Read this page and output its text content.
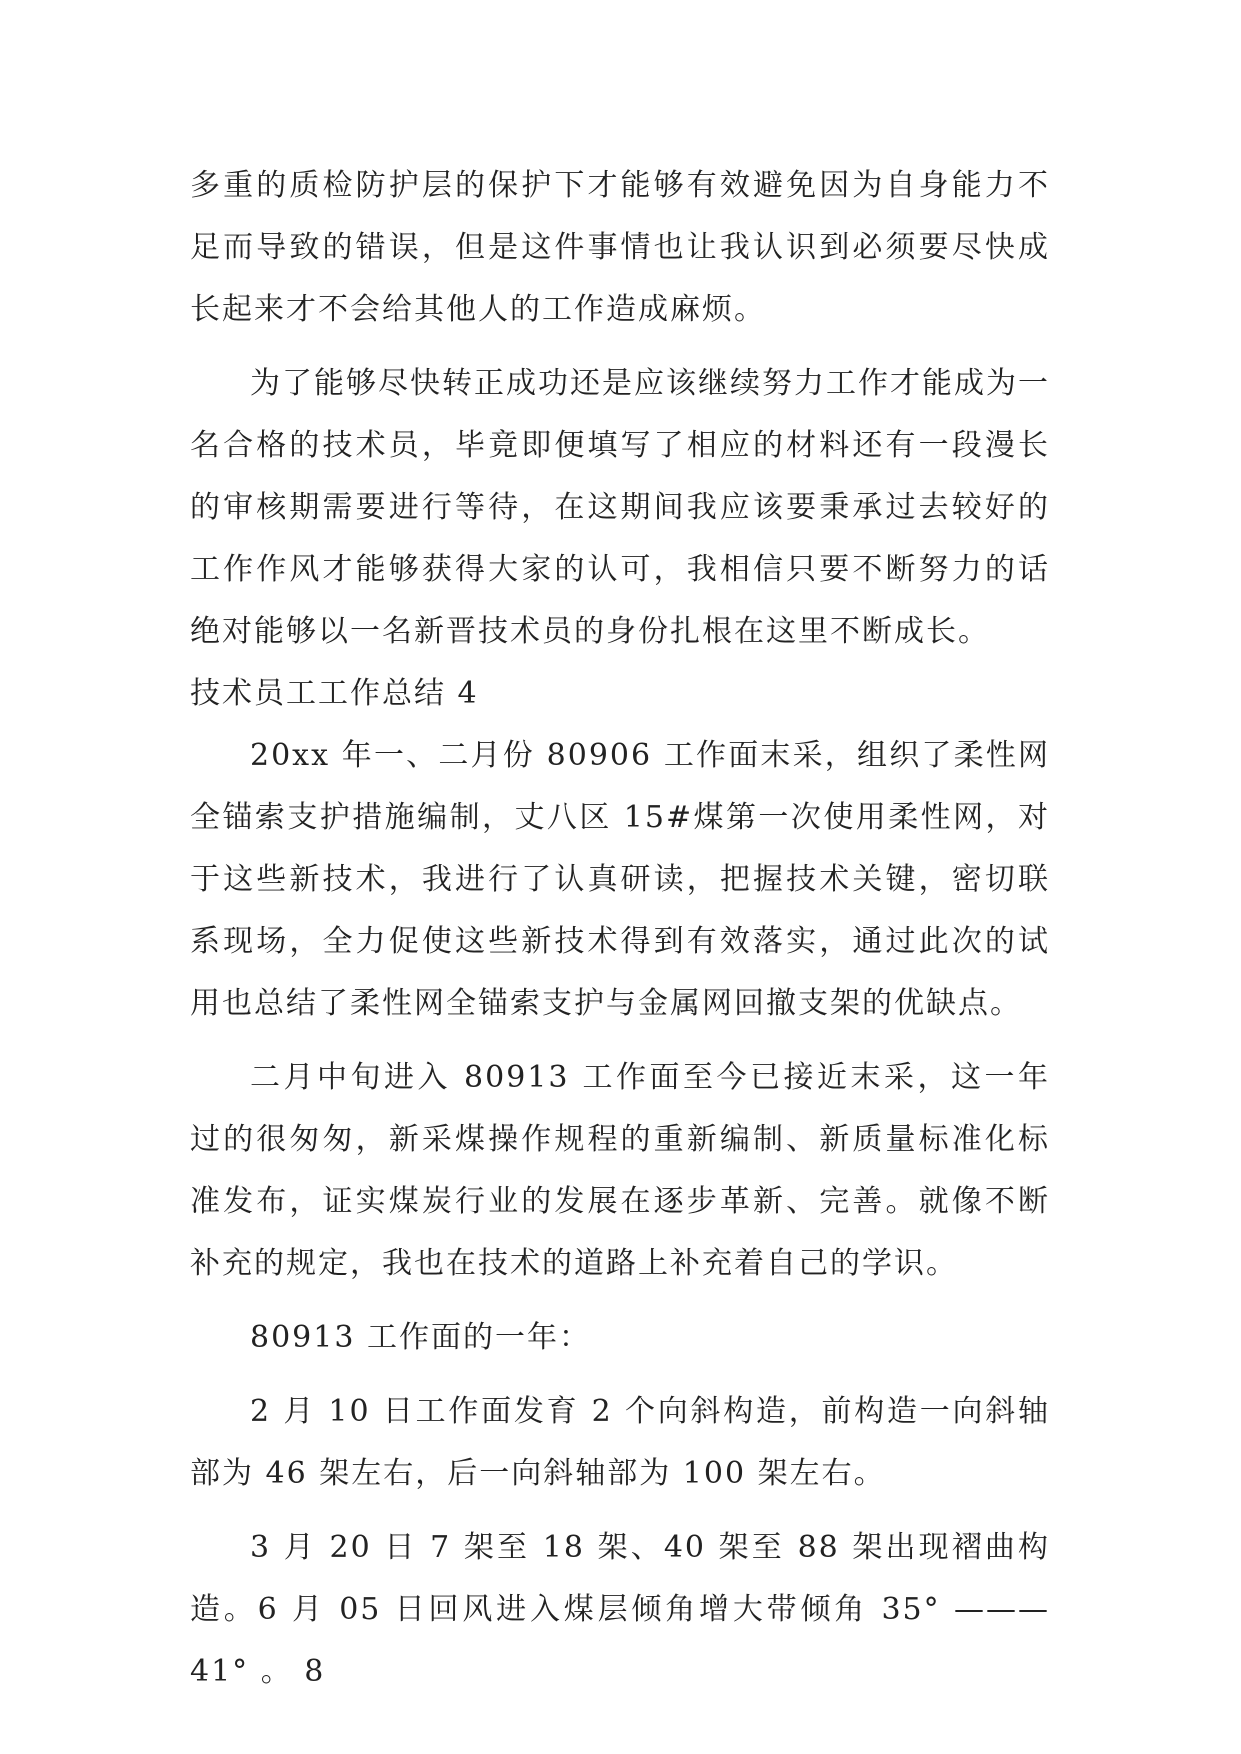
多重的质检防护层的保护下才能够有效避免因为自身能力不足而导致的错误，但是这件事情也让我认识到必须要尽快成长起来才不会给其他人的工作造成麻烦。

为了能够尽快转正成功还是应该继续努力工作才能成为一名合格的技术员，毕竟即便填写了相应的材料还有一段漫长的审核期需要进行等待，在这期间我应该要秉承过去较好的工作作风才能够获得大家的认可，我相信只要不断努力的话绝对能够以一名新晋技术员的身份扎根在这里不断成长。

技术员工工作总结 4

20xx 年一、二月份 80906 工作面末采，组织了柔性网全锚索支护措施编制，丈八区 15#煤第一次使用柔性网，对于这些新技术，我进行了认真研读，把握技术关键，密切联系现场，全力促使这些新技术得到有效落实，通过此次的试用也总结了柔性网全锚索支护与金属网回撤支架的优缺点。

二月中旬进入 80913 工作面至今已接近末采，这一年过的很匆匆，新采煤操作规程的重新编制、新质量标准化标准发布，证实煤炭行业的发展在逐步革新、完善。就像不断补充的规定，我也在技术的道路上补充着自己的学识。

80913 工作面的一年：

2 月 10 日工作面发育 2 个向斜构造，前构造一向斜轴部为 46 架左右，后一向斜轴部为 100 架左右。

3 月 20 日 7 架至 18 架、40 架至 88 架出现褶曲构造。6 月 05 日回风进入煤层倾角增大带倾角 35° ———41° 。 8
